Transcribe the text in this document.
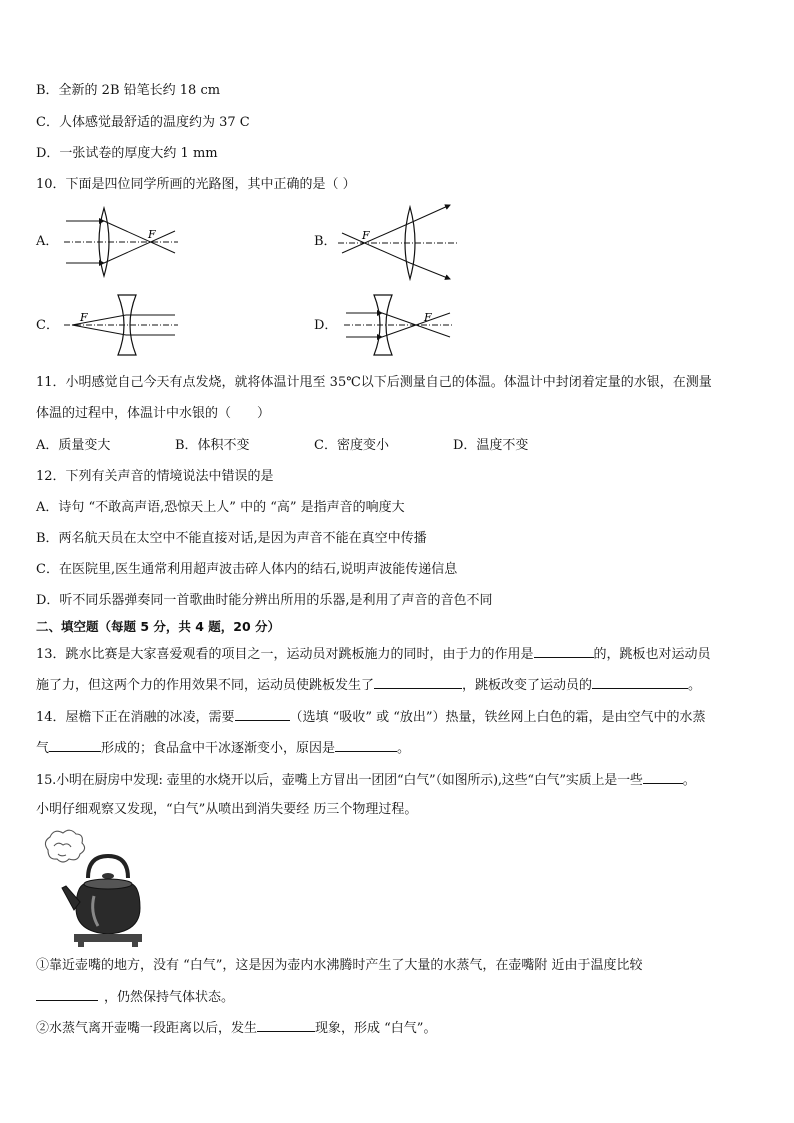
B．全新的 2B 铅笔长约 18 cm
C．人体感觉最舒适的温度约为 37 C
D．一张试卷的厚度大约 1 mm
10．下面是四位同学所画的光路图，其中正确的是（ ）
A．	B．
C．	D．
F	F
F	F
11．小明感觉自己今天有点发烧，就将体温计甩至 35℃以下后测量自己的体温。体温计中封闭着定量的水银，在测量
体温的过程中，体温计中水银的（　　）
A．质量变大	B．体积不变	C．密度变小	D．温度不变
12．下列有关声音的情境说法中错误的是
A．诗句 “不敢高声语,恐惊天上人” 中的 “高” 是指声音的响度大
B．两名航天员在太空中不能直接对话,是因为声音不能在真空中传播
C．在医院里,医生通常利用超声波击碎人体内的结石,说明声波能传递信息
D．听不同乐器弹奏同一首歌曲时能分辨出所用的乐器,是利用了声音的音色不同
二、填空题（每题 5 分，共 4 题，20 分）
13．跳水比赛是大家喜爱观看的项目之一，运动员对跳板施力的同时，由于力的作用是	的，跳板也对运动员
施了力，但这两个力的作用效果不同，运动员使跳板发生了	，跳板改变了运动员的	。
14．屋檐下正在消融的冰凌，需要	（选填 “吸收” 或 “放出”）热量，铁丝网上白色的霜，是由空气中的水蒸
气	形成的；食品盒中干冰逐渐变小，原因是	。
15.小明在厨房中发现: 壶里的水烧开以后，壶嘴上方冒出一团团“白气”（如图所示),这些“白气”实质上是一些	。
小明仔细观察又发现，“白气”从喷出到消失要经 历三个物理过程。
①靠近壶嘴的地方，没有 “白气”，这是因为壶内水沸腾时产生了大量的水蒸气，在壶嘴附 近由于温度比较
，仍然保持气体状态。
②水蒸气离开壶嘴一段距离以后，发生	现象，形成 “白气”。
